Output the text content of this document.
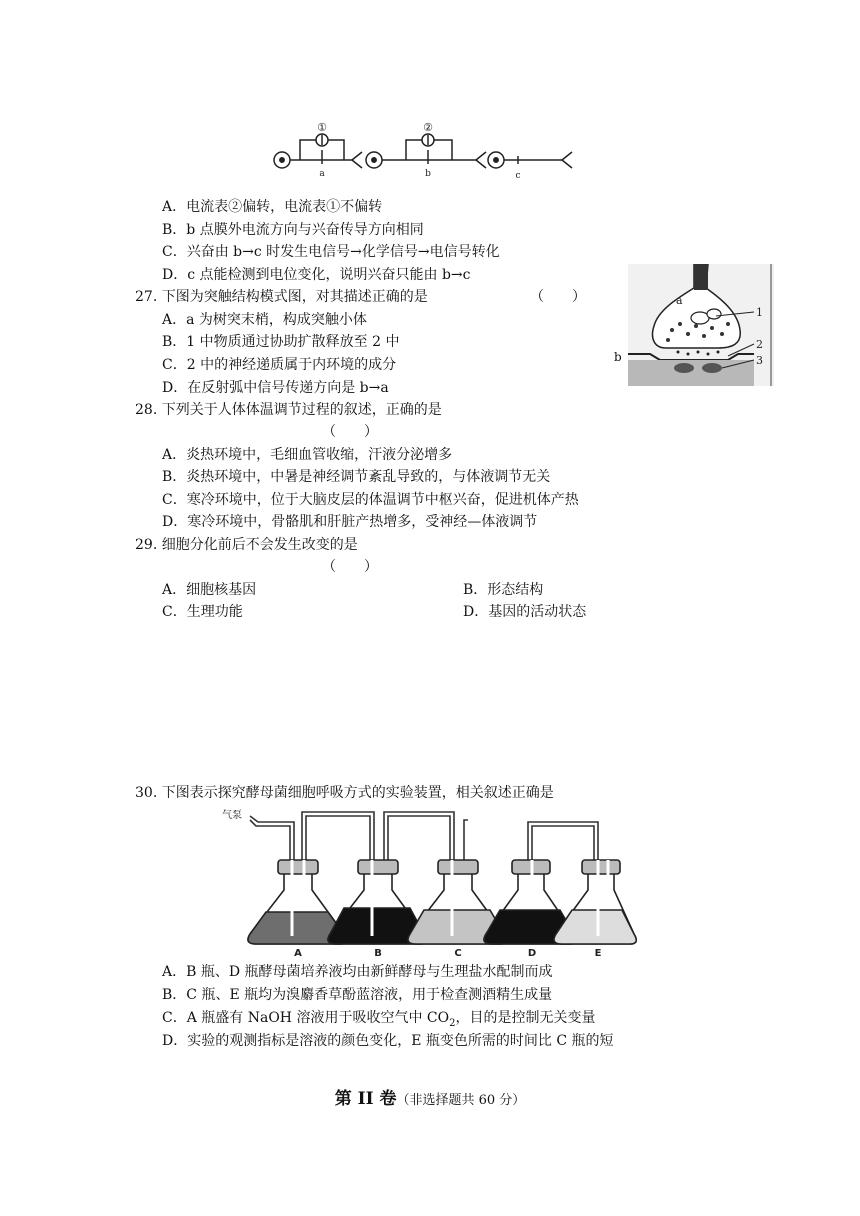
①	②
a	b	c
A．电流表②偏转，电流表①不偏转
B．b 点膜外电流方向与兴奋传导方向相同
C．兴奋由 b→c 时发生电信号→化学信号→电信号转化
D．c 点能检测到电位变化，说明兴奋只能由 b→c
27. 下图为突触结构模式图，对其描述正确的是	（　　）
A．a 为树突末梢，构成突触小体
B．1 中物质通过协助扩散释放至 2 中
C．2 中的神经递质属于内环境的成分
D．在反射弧中信号传递方向是 b→a
a
1
2
3
b
28. 下列关于人体体温调节过程的叙述，正确的是
（　　）
A．炎热环境中，毛细血管收缩，汗液分泌增多
B．炎热环境中，中暑是神经调节紊乱导致的，与体液调节无关
C．寒冷环境中，位于大脑皮层的体温调节中枢兴奋，促进机体产热
D．寒冷环境中，骨骼肌和肝脏产热增多，受神经—体液调节
29. 细胞分化前后不会发生改变的是
（　　）
A．细胞核基因	B．形态结构
C．生理功能	D．基因的活动状态
30. 下图表示探究酵母菌细胞呼吸方式的实验装置，相关叙述正确是
气泵
A	B	C	D	E
A．B 瓶、D 瓶酵母菌培养液均由新鲜酵母与生理盐水配制而成
B．C 瓶、E 瓶均为溴麝香草酚蓝溶液，用于检查测酒精生成量
C．A 瓶盛有 NaOH 溶液用于吸收空气中 $CO_2$，目的是控制无关变量
D．实验的观测指标是溶液的颜色变化，E 瓶变色所需的时间比 C 瓶的短
第 II 卷（非选择题共 60 分）
